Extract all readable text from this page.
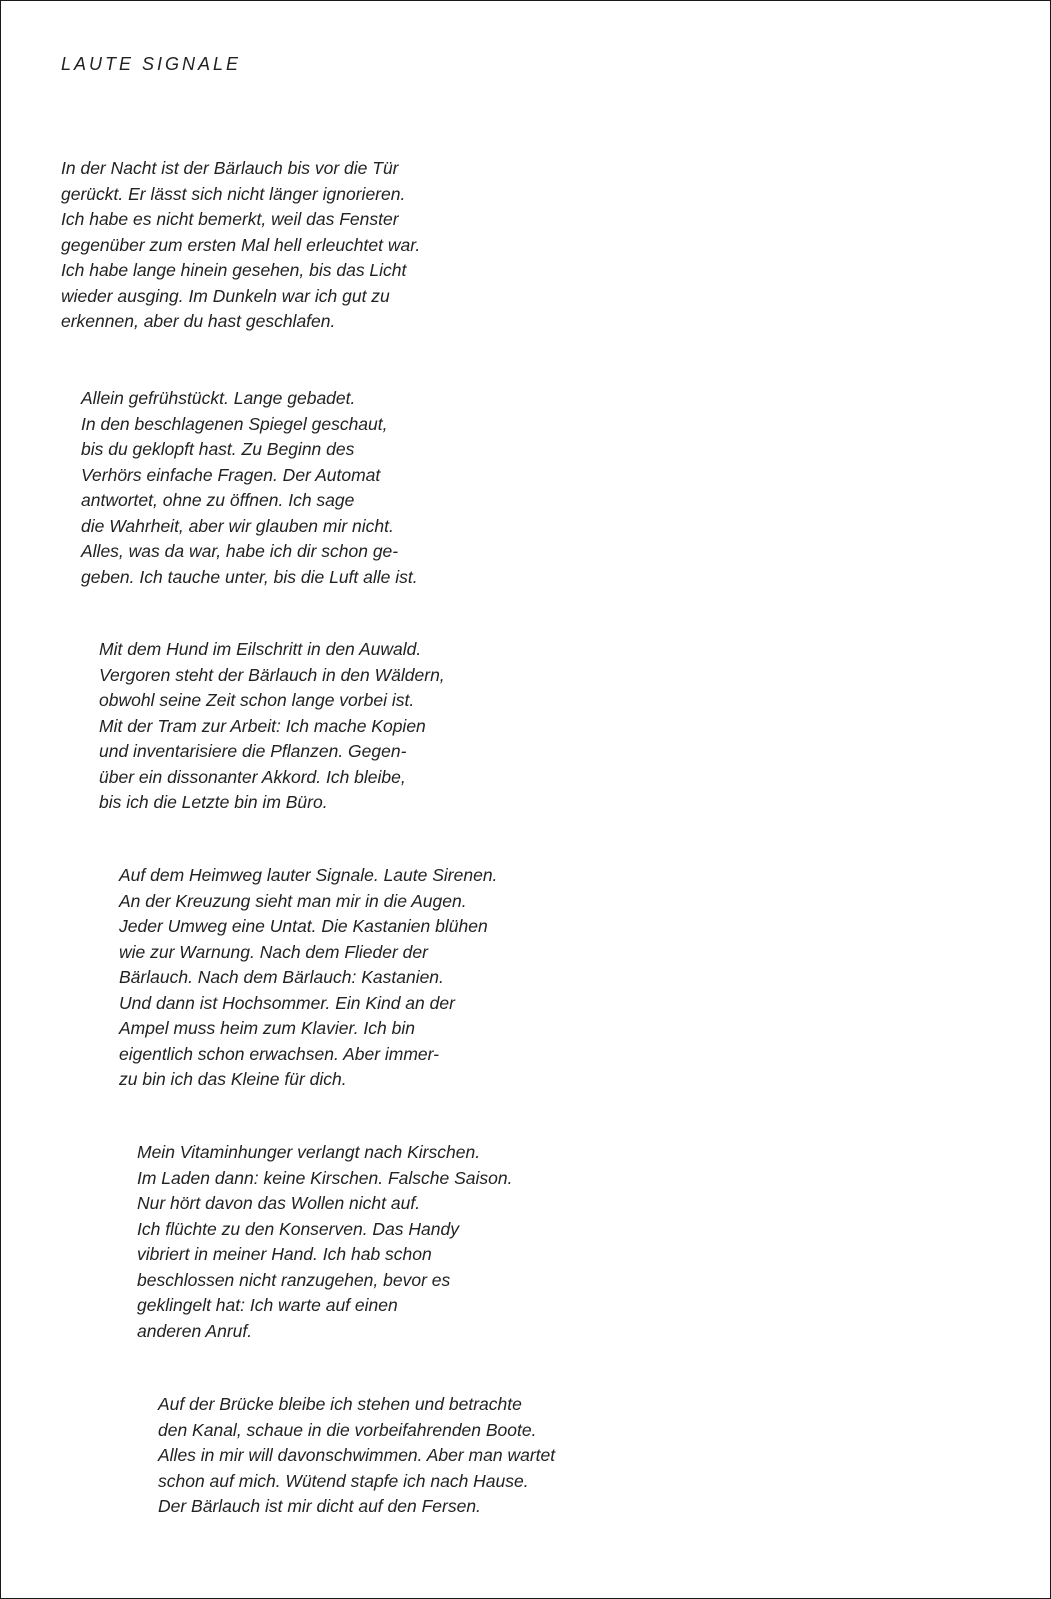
LAUTE SIGNALE
In der Nacht ist der Bärlauch bis vor die Tür
gerückt. Er lässt sich nicht länger ignorieren.
Ich habe es nicht bemerkt, weil das Fenster
gegenüber zum ersten Mal hell erleuchtet war.
Ich habe lange hinein gesehen, bis das Licht
wieder ausging. Im Dunkeln war ich gut zu
erkennen, aber du hast geschlafen.
Allein gefrühstückt. Lange gebadet.
In den beschlagenen Spiegel geschaut,
bis du geklopft hast. Zu Beginn des
Verhörs einfache Fragen. Der Automat
antwortet, ohne zu öffnen. Ich sage
die Wahrheit, aber wir glauben mir nicht.
Alles, was da war, habe ich dir schon ge-
geben. Ich tauche unter, bis die Luft alle ist.
Mit dem Hund im Eilschritt in den Auwald.
Vergoren steht der Bärlauch in den Wäldern,
obwohl seine Zeit schon lange vorbei ist.
Mit der Tram zur Arbeit: Ich mache Kopien
und inventarisiere die Pflanzen. Gegen-
über ein dissonanter Akkord. Ich bleibe,
bis ich die Letzte bin im Büro.
Auf dem Heimweg lauter Signale. Laute Sirenen.
An der Kreuzung sieht man mir in die Augen.
Jeder Umweg eine Untat. Die Kastanien blühen
wie zur Warnung. Nach dem Flieder der
Bärlauch. Nach dem Bärlauch: Kastanien.
Und dann ist Hochsommer. Ein Kind an der
Ampel muss heim zum Klavier. Ich bin
eigentlich schon erwachsen. Aber immer-
zu bin ich das Kleine für dich.
Mein Vitaminhunger verlangt nach Kirschen.
Im Laden dann: keine Kirschen. Falsche Saison.
Nur hört davon das Wollen nicht auf.
Ich flüchte zu den Konserven. Das Handy
vibriert in meiner Hand. Ich hab schon
beschlossen nicht ranzugehen, bevor es
geklingelt hat: Ich warte auf einen
anderen Anruf.
Auf der Brücke bleibe ich stehen und betrachte
den Kanal, schaue in die vorbeifahrenden Boote.
Alles in mir will davonschwimmen. Aber man wartet
schon auf mich. Wütend stapfe ich nach Hause.
Der Bärlauch ist mir dicht auf den Fersen.
